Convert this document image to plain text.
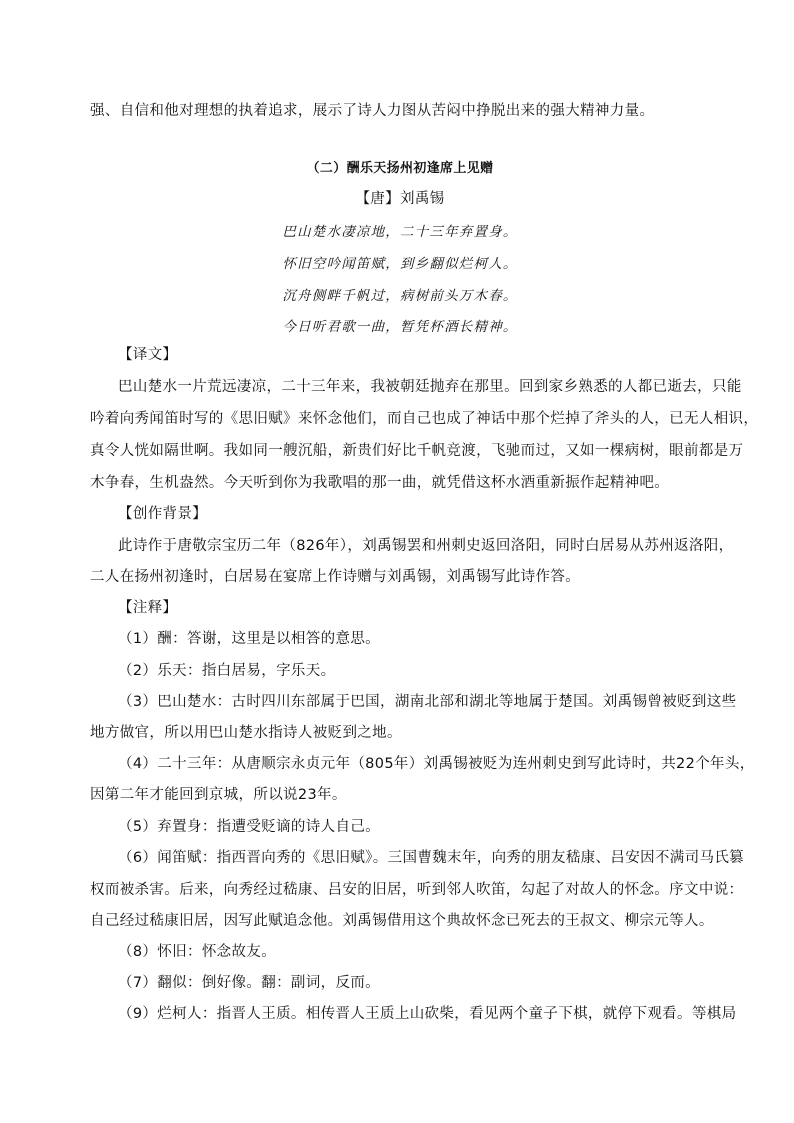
强、自信和他对理想的执着追求，展示了诗人力图从苦闷中挣脱出来的强大精神力量。
（二）酬乐天扬州初逢席上见赠
【唐】刘禹锡
巴山楚水凄凉地，二十三年弃置身。
怀旧空吟闻笛赋，到乡翻似烂柯人。
沉舟侧畔千帆过，病树前头万木春。
今日听君歌一曲，暂凭杯酒长精神。
【译文】
巴山楚水一片荒远凄凉，二十三年来，我被朝廷抛弃在那里。回到家乡熟悉的人都已逝去，只能
吟着向秀闻笛时写的《思旧赋》来怀念他们，而自己也成了神话中那个烂掉了斧头的人，已无人相识，
真令人恍如隔世啊。我如同一艘沉船，新贵们好比千帆竞渡，飞驰而过，又如一棵病树，眼前都是万
木争春，生机盎然。今天听到你为我歌唱的那一曲，就凭借这杯水酒重新振作起精神吧。
【创作背景】
此诗作于唐敬宗宝历二年（826年），刘禹锡罢和州刺史返回洛阳，同时白居易从苏州返洛阳，
二人在扬州初逢时，白居易在宴席上作诗赠与刘禹锡，刘禹锡写此诗作答。
【注释】
（1）酬：答谢，这里是以相答的意思。
（2）乐天：指白居易，字乐天。
（3）巴山楚水：古时四川东部属于巴国，湖南北部和湖北等地属于楚国。刘禹锡曾被贬到这些
地方做官，所以用巴山楚水指诗人被贬到之地。
（4）二十三年：从唐顺宗永贞元年（805年）刘禹锡被贬为连州刺史到写此诗时，共22个年头，
因第二年才能回到京城，所以说23年。
（5）弃置身：指遭受贬谪的诗人自己。
（6）闻笛赋：指西晋向秀的《思旧赋》。三国曹魏末年，向秀的朋友嵇康、吕安因不满司马氏篡
权而被杀害。后来，向秀经过嵇康、吕安的旧居，听到邻人吹笛，勾起了对故人的怀念。序文中说：
自己经过嵇康旧居，因写此赋追念他。刘禹锡借用这个典故怀念已死去的王叔文、柳宗元等人。
（8）怀旧：怀念故友。
（7）翻似：倒好像。翻：副词，反而。
（9）烂柯人：指晋人王质。相传晋人王质上山砍柴，看见两个童子下棋，就停下观看。等棋局
